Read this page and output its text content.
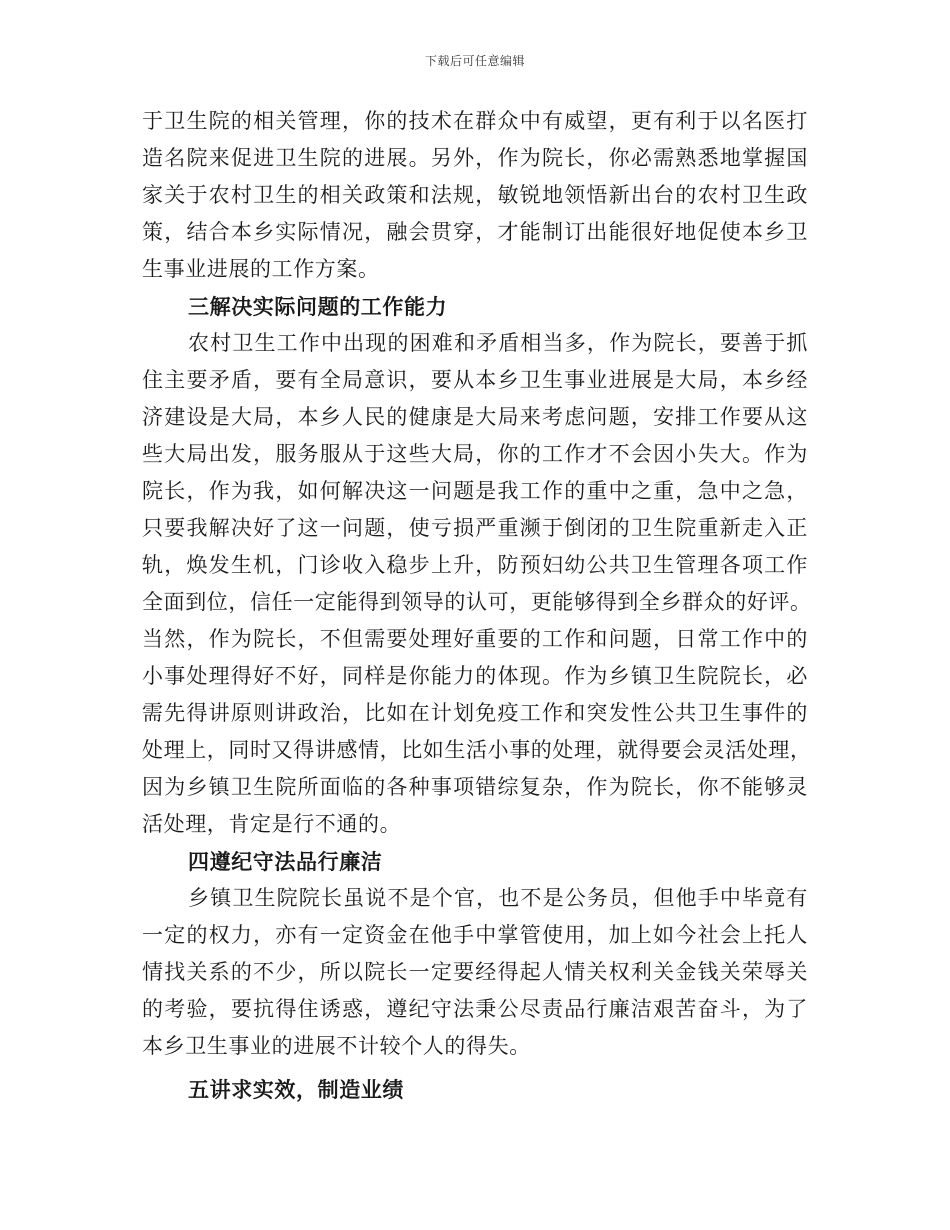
下载后可任意编辑
于卫生院的相关管理，你的技术在群众中有威望，更有利于以名医打
造名院来促进卫生院的进展。另外，作为院长，你必需熟悉地掌握国
家关于农村卫生的相关政策和法规，敏锐地领悟新出台的农村卫生政
策，结合本乡实际情况，融会贯穿，才能制订出能很好地促使本乡卫
生事业进展的工作方案。
三解决实际问题的工作能力
农村卫生工作中出现的困难和矛盾相当多，作为院长，要善于抓
住主要矛盾，要有全局意识，要从本乡卫生事业进展是大局，本乡经
济建设是大局，本乡人民的健康是大局来考虑问题，安排工作要从这
些大局出发，服务服从于这些大局，你的工作才不会因小失大。作为
院长，作为我，如何解决这一问题是我工作的重中之重，急中之急，
只要我解决好了这一问题，使亏损严重濒于倒闭的卫生院重新走入正
轨，焕发生机，门诊收入稳步上升，防预妇幼公共卫生管理各项工作
全面到位，信任一定能得到领导的认可，更能够得到全乡群众的好评。
当然，作为院长，不但需要处理好重要的工作和问题，日常工作中的
小事处理得好不好，同样是你能力的体现。作为乡镇卫生院院长，必
需先得讲原则讲政治，比如在计划免疫工作和突发性公共卫生事件的
处理上，同时又得讲感情，比如生活小事的处理，就得要会灵活处理，
因为乡镇卫生院所面临的各种事项错综复杂，作为院长，你不能够灵
活处理，肯定是行不通的。
四遵纪守法品行廉洁
乡镇卫生院院长虽说不是个官，也不是公务员，但他手中毕竟有
一定的权力，亦有一定资金在他手中掌管使用，加上如今社会上托人
情找关系的不少，所以院长一定要经得起人情关权利关金钱关荣辱关
的考验，要抗得住诱惑，遵纪守法秉公尽责品行廉洁艰苦奋斗，为了
本乡卫生事业的进展不计较个人的得失。
五讲求实效，制造业绩
